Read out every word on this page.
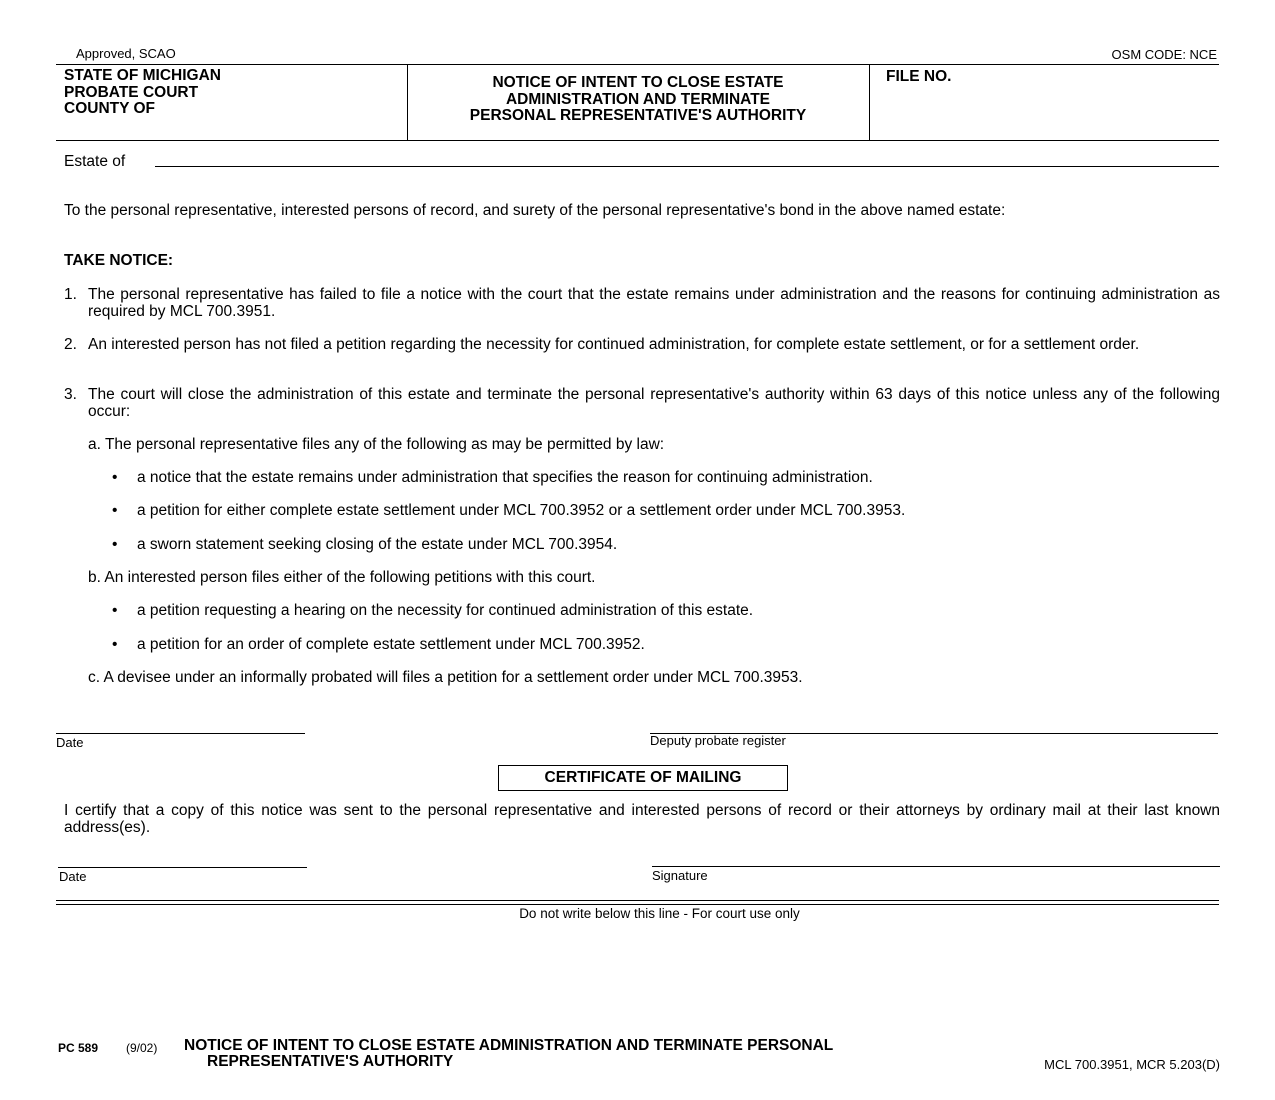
Approved, SCAO	OSM CODE: NCE
STATE OF MICHIGAN
PROBATE COURT
COUNTY OF
NOTICE OF INTENT TO CLOSE ESTATE
ADMINISTRATION AND TERMINATE
PERSONAL REPRESENTATIVE'S AUTHORITY
FILE NO.
Estate of
To the personal representative, interested persons of record, and surety of the personal representative's bond in the above named estate:
TAKE NOTICE:
1. The personal representative has failed to file a notice with the court that the estate remains under administration and the reasons for continuing administration as required by MCL 700.3951.
2. An interested person has not filed a petition regarding the necessity for continued administration, for complete estate settlement, or for a settlement order.
3. The court will close the administration of this estate and terminate the personal representative's authority within 63 days of this notice unless any of the following occur:
a. The personal representative files any of the following as may be permitted by law:
• a notice that the estate remains under administration that specifies the reason for continuing administration.
• a petition for either complete estate settlement under MCL 700.3952 or a settlement order under MCL 700.3953.
• a sworn statement seeking closing of the estate under MCL 700.3954.
b. An interested person files either of the following petitions with this court.
• a petition requesting a hearing on the necessity for continued administration of this estate.
• a petition for an order of complete estate settlement under MCL 700.3952.
c. A devisee under an informally probated will files a petition for a settlement order under MCL 700.3953.
Date	Deputy probate register
CERTIFICATE OF MAILING
I certify that a copy of this notice was sent to the personal representative and interested persons of record or their attorneys by ordinary mail at their last known address(es).
Date	Signature
Do not write below this line - For court use only
PC 589 (9/02) NOTICE OF INTENT TO CLOSE ESTATE ADMINISTRATION AND TERMINATE PERSONAL
REPRESENTATIVE'S AUTHORITY	MCL 700.3951, MCR 5.203(D)
